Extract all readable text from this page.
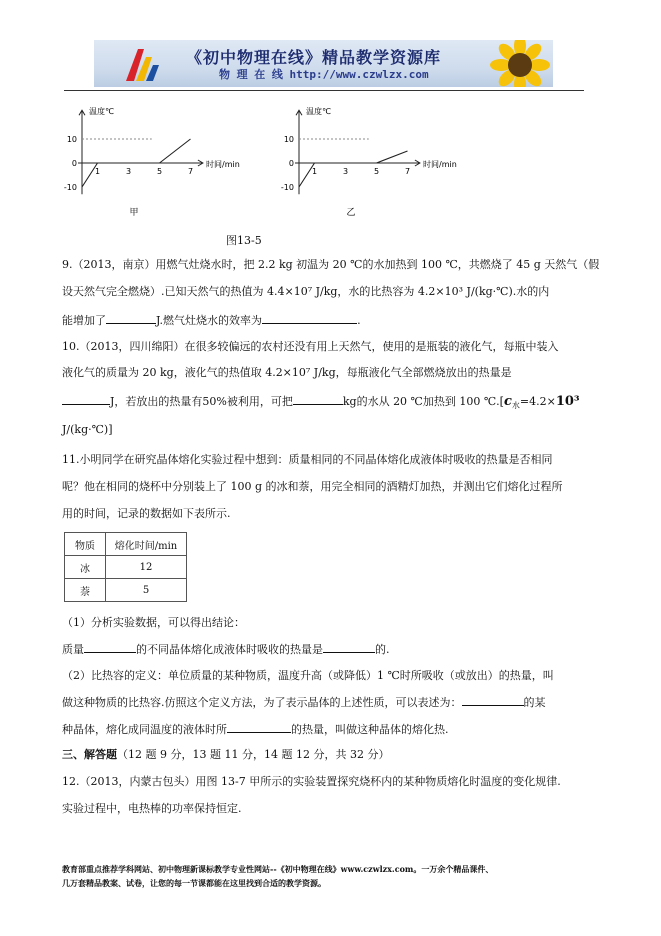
《初中物理在线》精品教学资源库
物 理 在 线 http://www.czwlzx.com
温度℃
时间/min
10
0
-10
1	3	5	7
甲
温度℃
时间/min
10
0
-10
1	3	5	7
乙
图13-5
9.（2013，南京）用燃气灶烧水时，把 2.2 kg 初温为 20 ℃的水加热到 100 ℃，共燃烧了 45 g 天然气（假
设天然气完全燃烧）.已知天然气的热值为 4.4×10⁷ J/kg，水的比热容为 4.2×10³ J/(kg·℃).水的内
能增加了	J.燃气灶烧水的效率为	.
10.（2013，四川绵阳）在很多较偏远的农村还没有用上天然气，使用的是瓶装的液化气，每瓶中装入
液化气的质量为 20 kg，液化气的热值取 4.2×10⁷ J/kg，每瓶液化气全部燃烧放出的热量是
J，若放出的热量有50%被利用，可把	kg的水从 20 ℃加热到 100 $℃.[c_水=4.2\times 10^3$
J/(kg·℃)]
11.小明同学在研究晶体熔化实验过程中想到：质量相同的不同晶体熔化成液体时吸收的热量是否相同
呢？他在相同的烧杯中分别装上了 100 g 的冰和萘，用完全相同的酒精灯加热，并测出它们熔化过程所
用的时间，记录的数据如下表所示.
物质	熔化时间/min
冰	12
萘	5
（1）分析实验数据，可以得出结论：
质量	的不同晶体熔化成液体时吸收的热量是	的.
（2）比热容的定义：单位质量的某种物质，温度升高（或降低）1 ℃时所吸收（或放出）的热量，叫
做这种物质的比热容.仿照这个定义方法，为了表示晶体的上述性质，可以表述为：	的某
种晶体，熔化成同温度的液体时所	的热量，叫做这种晶体的熔化热.
三、解答题（12 题 9 分，13 题 11 分，14 题 12 分，共 32 分）
12.（2013，内蒙古包头）用图 13-7 甲所示的实验装置探究烧杯内的某种物质熔化时温度的变化规律.
实验过程中，电热棒的功率保持恒定.
教育部重点推荐学科网站、初中物理新课标教学专业性网站--《初中物理在线》www.czwlzx.com。一万余个精品课件、
几万套精品教案、试卷，让您的每一节课都能在这里找到合适的教学资源。
